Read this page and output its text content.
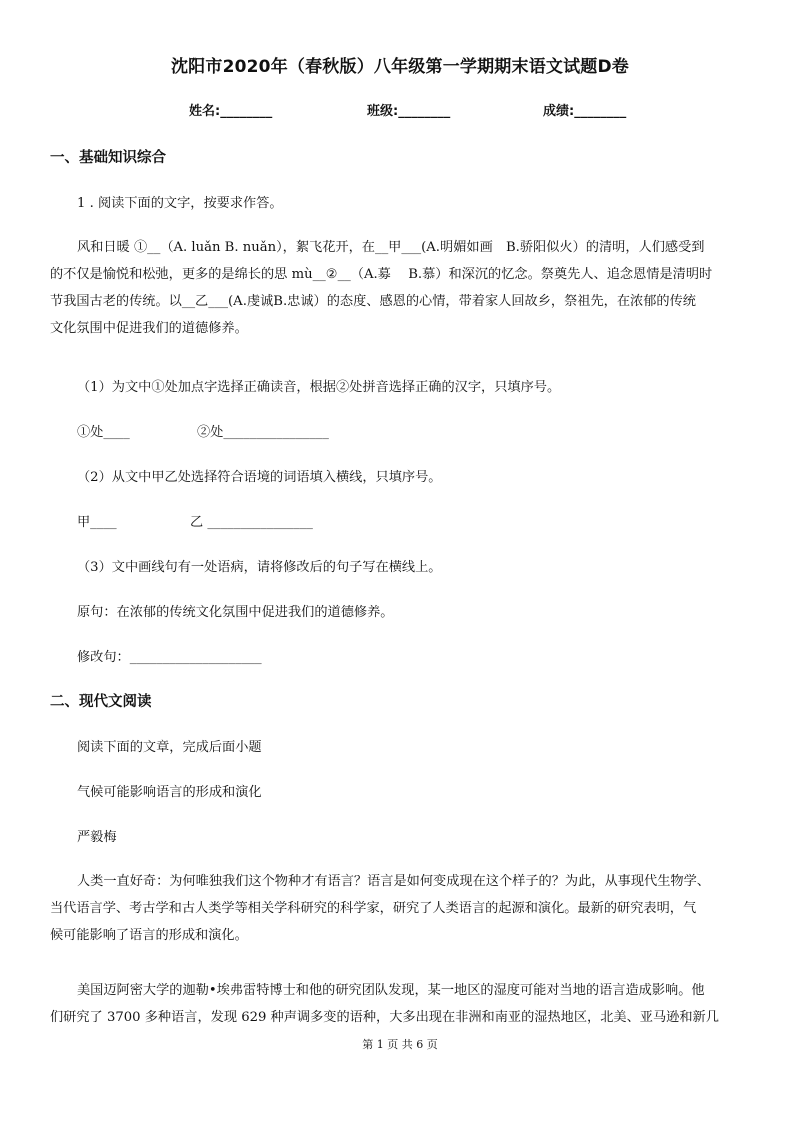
沈阳市2020年（春秋版）八年级第一学期期末语文试题D卷
姓名:________	班级:________	成绩:________
一、基础知识综合
1 . 阅读下面的文字，按要求作答。
风和日暖 ①__（A. luǎn B. nuǎn），絮飞花开，在__甲___(A.明媚如画　B.骄阳似火）的清明，人们感受到
的不仅是愉悦和松弛，更多的是绵长的思 mù__②__（A.募　 B.慕）和深沉的忆念。祭奠先人、追念恩情是清明时
节我国古老的传统。以__乙___(A.虔诚B.忠诚）的态度、感恩的心情，带着家人回故乡，祭祖先，在浓郁的传统
文化氛围中促进我们的道德修养。
（1）为文中①处加点字选择正确读音，根据②处拼音选择正确的汉字，只填序号。
①处____	②处________________
（2）从文中甲乙处选择符合语境的词语填入横线，只填序号。
甲____	乙 ________________
（3）文中画线句有一处语病，请将修改后的句子写在横线上。
原句：在浓郁的传统文化氛围中促进我们的道德修养。
修改句：____________________
二、现代文阅读
阅读下面的文章，完成后面小题
气候可能影响语言的形成和演化
严毅梅
人类一直好奇：为何唯独我们这个物种才有语言？语言是如何变成现在这个样子的？为此，从事现代生物学、
当代语言学、考古学和古人类学等相关学科研究的科学家，研究了人类语言的起源和演化。最新的研究表明，气
候可能影响了语言的形成和演化。
美国迈阿密大学的迦勒•埃弗雷特博士和他的研究团队发现，某一地区的湿度可能对当地的语言造成影响。他
们研究了 3700 多种语言，发现 629 种声调多变的语种，大多出现在非洲和南亚的湿热地区，北美、亚马逊和新几
第 1 页 共 6 页
